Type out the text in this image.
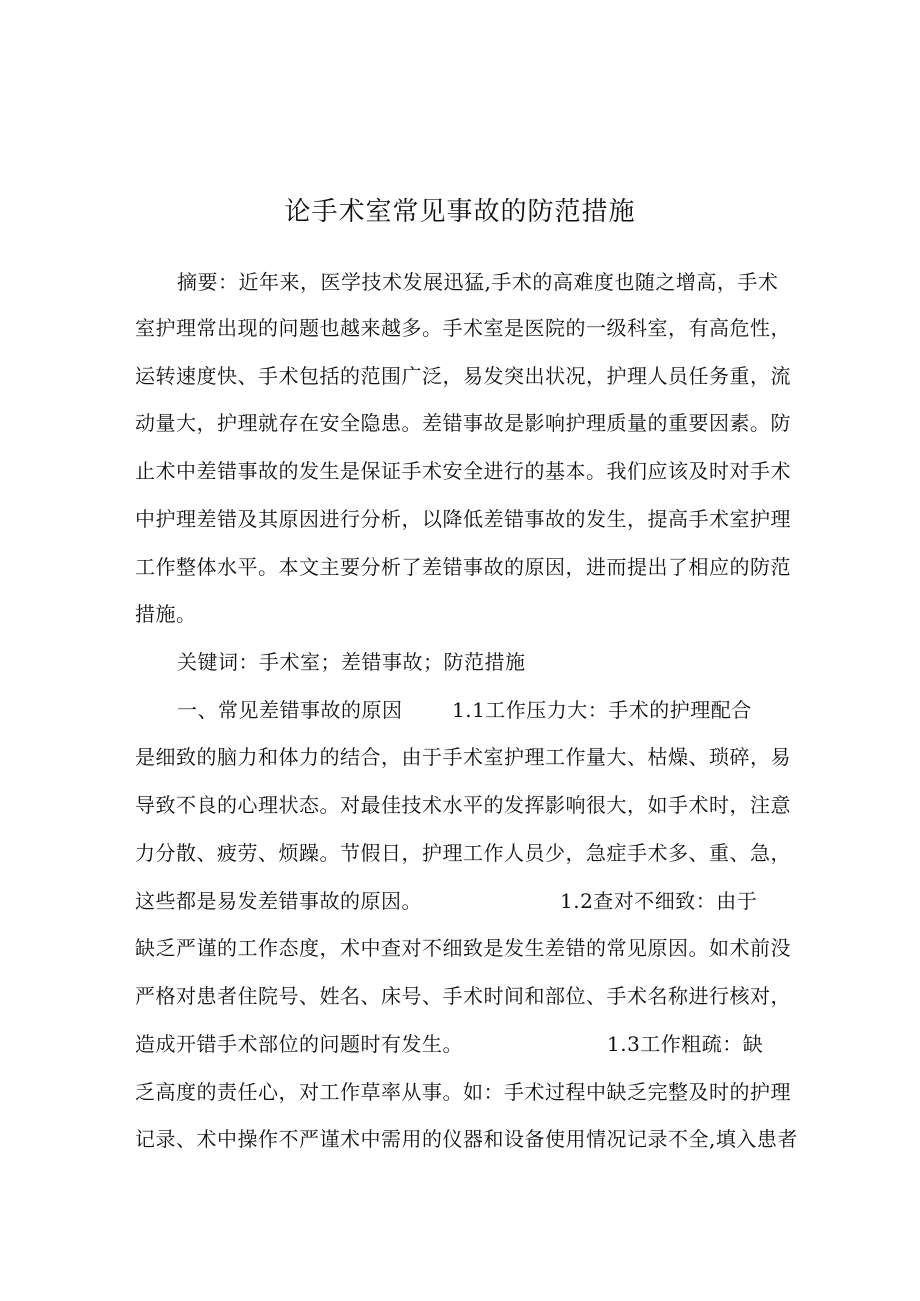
论手术室常见事故的防范措施
摘要：近年来，医学技术发展迅猛,手术的高难度也随之增高，手术
室护理常出现的问题也越来越多。手术室是医院的一级科室，有高危性，
运转速度快、手术包括的范围广泛，易发突出状况，护理人员任务重，流
动量大，护理就存在安全隐患。差错事故是影响护理质量的重要因素。防
止术中差错事故的发生是保证手术安全进行的基本。我们应该及时对手术
中护理差错及其原因进行分析，以降低差错事故的发生，提高手术室护理
工作整体水平。本文主要分析了差错事故的原因，进而提出了相应的防范
措施。
关键词：手术室；差错事故；防范措施
一、常见差错事故的原因 1.1工作压力大：手术的护理配合
是细致的脑力和体力的结合，由于手术室护理工作量大、枯燥、琐碎，易
导致不良的心理状态。对最佳技术水平的发挥影响很大，如手术时，注意
力分散、疲劳、烦躁。节假日，护理工作人员少，急症手术多、重、急，
这些都是易发差错事故的原因。	1.2查对不细致：由于
缺乏严谨的工作态度，术中查对不细致是发生差错的常见原因。如术前没
严格对患者住院号、姓名、床号、手术时间和部位、手术名称进行核对，
造成开错手术部位的问题时有发生。	1.3工作粗疏：缺
乏高度的责任心，对工作草率从事。如：手术过程中缺乏完整及时的护理
记录、术中操作不严谨术中需用的仪器和设备使用情况记录不全,填入患者
